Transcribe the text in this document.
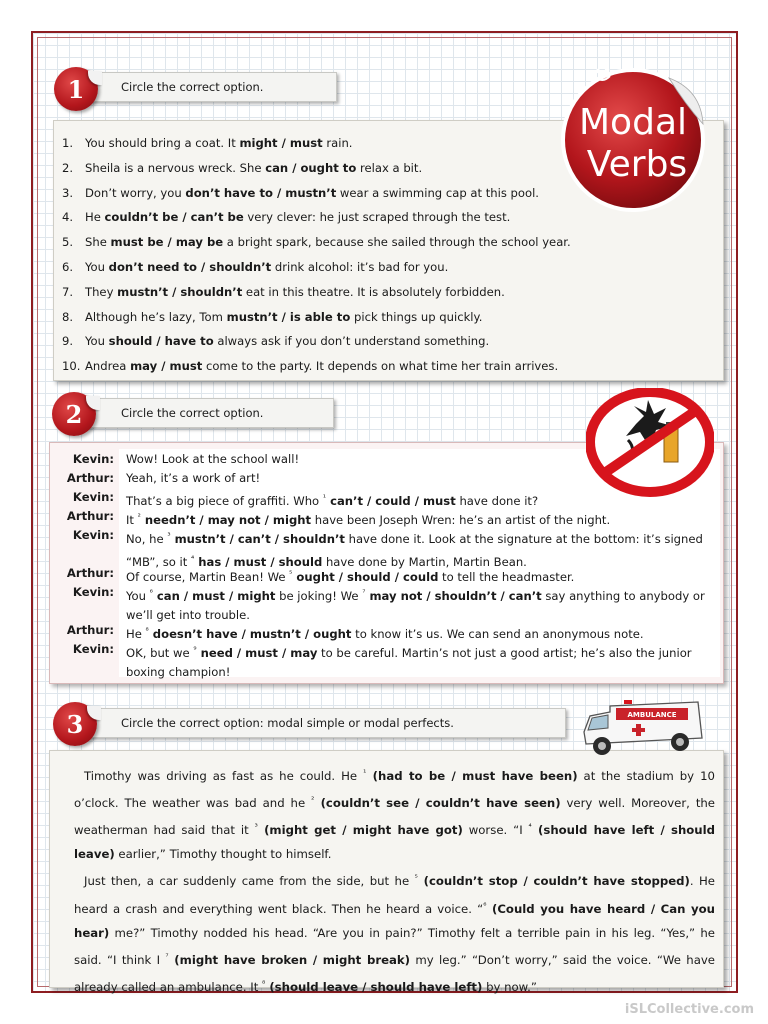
1. You should bring a coat. It might / must rain.
2. Sheila is a nervous wreck. She can / ought to relax a bit.
3. Don’t worry, you don’t have to / mustn’t wear a swimming cap at this pool.
4. He couldn’t be / can’t be very clever: he just scraped through the test.
5. She must be / may be a bright spark, because she sailed through the school year.
6. You don’t need to / shouldn’t drink alcohol: it’s bad for you.
7. They mustn’t / shouldn’t eat in this theatre. It is absolutely forbidden.
8. Although he’s lazy, Tom mustn’t / is able to pick things up quickly.
9. You should / have to always ask if you don’t understand something.
10. Andrea may / must come to the party. It depends on what time her train arrives.
Circle the correct option.
1
Modal
Verbs
Kevin: Wow! Look at the school wall!
Arthur: Yeah, it’s a work of art!
Kevin: That’s a big piece of graffiti. Who $^{^1}$ can’t / could / must have done it?
Arthur: It $^{^2}$ needn’t / may not / might have been Joseph Wren: he’s an artist of the night.
Kevin: No, he $^{^3}$ mustn’t / can’t / shouldn’t have done it. Look at the signature at the bottom: it’s signed “MB”, so it $^{^4}$ has / must / should have done by Martin, Martin Bean.
Arthur: Of course, Martin Bean! We $^{^5}$ ought / should / could to tell the headmaster.
Kevin: You $^{^6}$ can / must / might be joking! We $^{^7}$ may not / shouldn’t / can’t say anything to anybody or we’ll get into trouble.
Arthur: He $^{^8}$ doesn’t have / mustn’t / ought to know it’s us. We can send an anonymous note.
Kevin: OK, but we $^{^9}$ need / must / may to be careful. Martin’s not just a good artist; he’s also the junior boxing champion!
Circle the correct option.
2

Timothy was driving as fast as he could. He $^{^1}$ (had to be / must have been) at the stadium by 10 o’clock. The weather was bad and he $^{^2}$ (couldn’t see / couldn’t have seen) very well. Moreover, the weatherman had said that it $^{^3}$ (might get / might have got) worse. “I $^{^4}$ (should have left / should leave) earlier,” Timothy thought to himself.

Just then, a car suddenly came from the side, but he $^{^5}$ (couldn’t stop / couldn’t have stopped). He heard a crash and everything went black. Then he heard a voice. “$^{^6}$ (Could you have heard / Can you hear) me?” Timothy nodded his head. “Are you in pain?” Timothy felt a terrible pain in his leg. “Yes,” he said. “I think I $^{^7}$ (might have broken / might break) my leg.” “Don’t worry,” said the voice. “We have already called an ambulance. It $^{^8}$ (should leave / should have left) by now.”

Circle the correct option: modal simple or modal perfects.
3	AMBULANCE
iSLCollective.com
